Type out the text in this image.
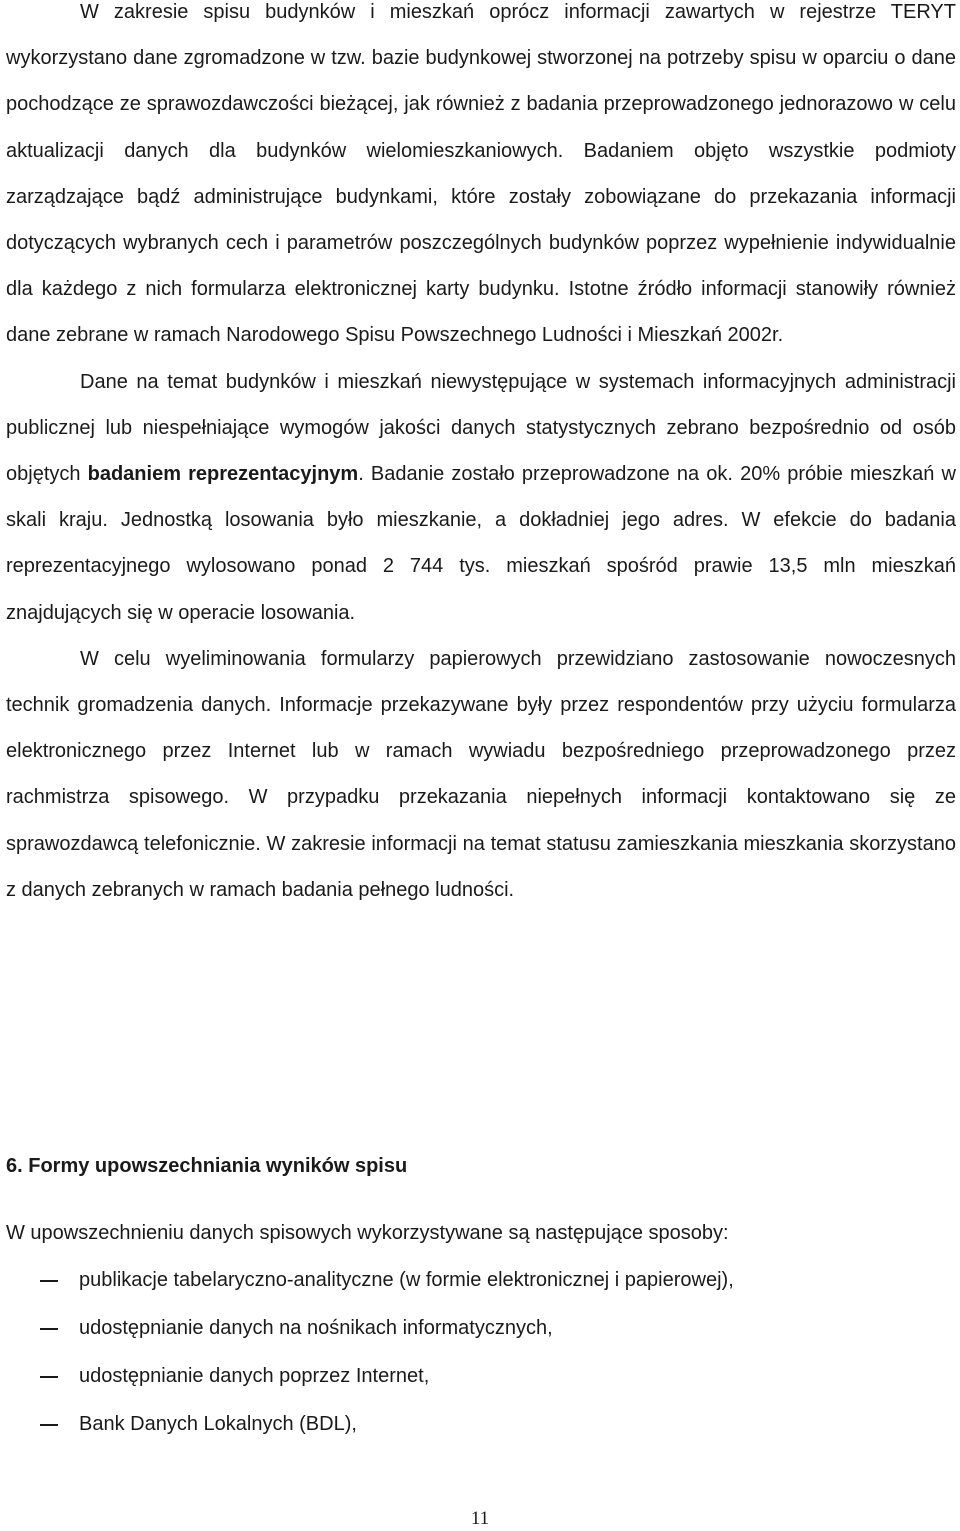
W zakresie spisu budynków i mieszkań oprócz informacji zawartych w rejestrze TERYT wykorzystano dane zgromadzone w tzw. bazie budynkowej stworzonej na potrzeby spisu w oparciu o dane pochodzące ze sprawozdawczości bieżącej, jak również z badania przeprowadzonego jednorazowo w celu aktualizacji danych dla budynków wielomieszkaniowych. Badaniem objęto wszystkie podmioty zarządzające bądź administrujące budynkami, które zostały zobowiązane do przekazania informacji dotyczących wybranych cech i parametrów poszczególnych budynków poprzez wypełnienie indywidualnie dla każdego z nich formularza elektronicznej karty budynku. Istotne źródło informacji stanowiły również dane zebrane w ramach Narodowego Spisu Powszechnego Ludności i Mieszkań 2002r.

Dane na temat budynków i mieszkań niewystępujące w systemach informacyjnych administracji publicznej lub niespełniające wymogów jakości danych statystycznych zebrano bezpośrednio od osób objętych badaniem reprezentacyjnym. Badanie zostało przeprowadzone na ok. 20% próbie mieszkań w skali kraju. Jednostką losowania było mieszkanie, a dokładniej jego adres. W efekcie do badania reprezentacyjnego wylosowano ponad 2 744 tys. mieszkań spośród prawie 13,5 mln mieszkań znajdujących się w operacie losowania.

W celu wyeliminowania formularzy papierowych przewidziano zastosowanie nowoczesnych technik gromadzenia danych. Informacje przekazywane były przez respondentów przy użyciu formularza elektronicznego przez Internet lub w ramach wywiadu bezpośredniego przeprowadzonego przez rachmistrza spisowego. W przypadku przekazania niepełnych informacji kontaktowano się ze sprawozdawcą telefonicznie. W zakresie informacji na temat statusu zamieszkania mieszkania skorzystano z danych zebranych w ramach badania pełnego ludności.

6. Formy upowszechniania wyników spisu

W upowszechnieniu danych spisowych wykorzystywane są następujące sposoby:

publikacje tabelaryczno-analityczne (w formie elektronicznej i papierowej),
udostępnianie danych na nośnikach informatycznych,
udostępnianie danych poprzez Internet,
Bank Danych Lokalnych (BDL),
11
